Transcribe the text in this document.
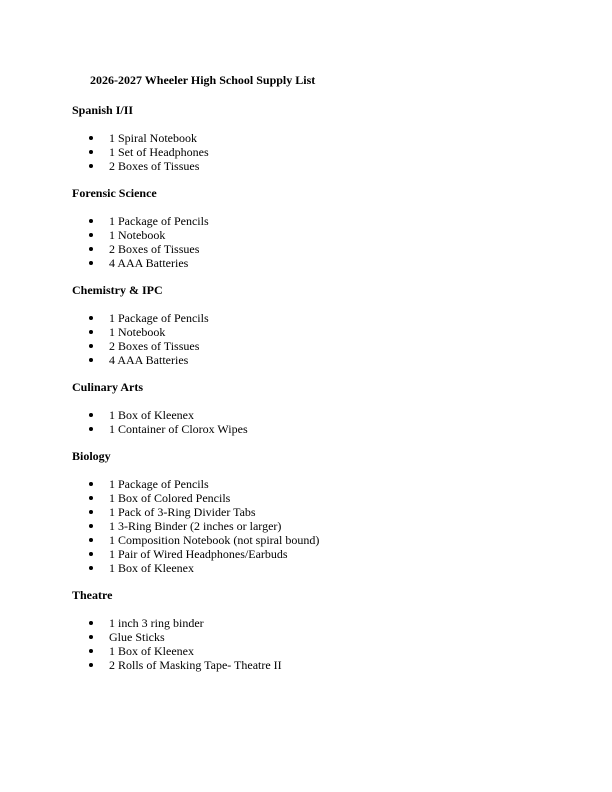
2026-2027 Wheeler High School Supply List
Spanish I/II
1 Spiral Notebook
1 Set of Headphones
2 Boxes of Tissues
Forensic Science
1 Package of Pencils
1 Notebook
2 Boxes of Tissues
4 AAA Batteries
Chemistry & IPC
1 Package of Pencils
1 Notebook
2 Boxes of Tissues
4 AAA Batteries
Culinary Arts
1 Box of Kleenex
1 Container of Clorox Wipes
Biology
1 Package of Pencils
1 Box of Colored Pencils
1 Pack of 3-Ring Divider Tabs
1 3-Ring Binder (2 inches or larger)
1 Composition Notebook (not spiral bound)
1 Pair of Wired Headphones/Earbuds
1 Box of Kleenex
Theatre
1 inch 3 ring binder
Glue Sticks
1 Box of Kleenex
2 Rolls of Masking Tape- Theatre II
